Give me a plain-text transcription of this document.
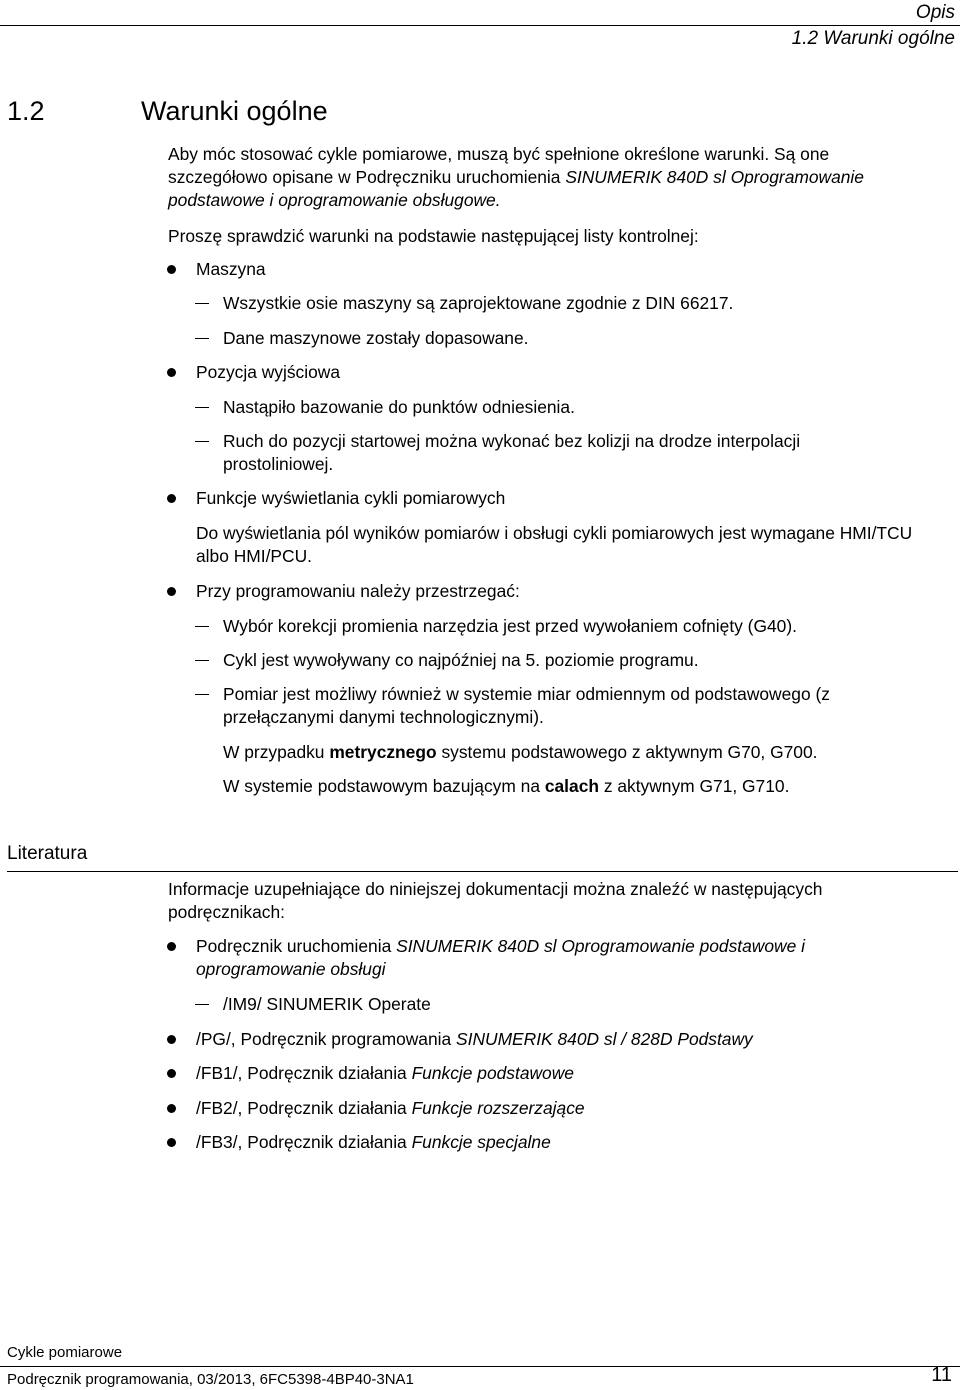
Opis
1.2 Warunki ogólne
1.2	Warunki ogólne

Aby móc stosować cykle pomiarowe, muszą być spełnione określone warunki. Są one

szczegółowo opisane w Podręczniku uruchomienia SINUMERIK 840D sl Oprogramowanie

podstawowe i oprogramowanie obsługowe.

Proszę sprawdzić warunki na podstawie następującej listy kontrolnej:
Maszyna
Wszystkie osie maszyny są zaprojektowane zgodnie z DIN 66217.
Dane maszynowe zostały dopasowane.
Pozycja wyjściowa
Nastąpiło bazowanie do punktów odniesienia.
Ruch do pozycji startowej można wykonać bez kolizji na drodze interpolacji prostoliniowej.
Funkcje wyświetlania cykli pomiarowych
Do wyświetlania pól wyników pomiarów i obsługi cykli pomiarowych jest wymagane HMI/TCU albo HMI/PCU.
Przy programowaniu należy przestrzegać:
Wybór korekcji promienia narzędzia jest przed wywołaniem cofnięty (G40).
Cykl jest wywoływany co najpóźniej na 5. poziomie programu.
Pomiar jest możliwy również w systemie miar odmiennym od podstawowego (z przełączanymi danymi technologicznymi).
W przypadku metrycznego systemu podstawowego z aktywnym G70, G700.
W systemie podstawowym bazującym na calach z aktywnym G71, G710.
Literatura
Informacje uzupełniające do niniejszej dokumentacji można znaleźć w następujących podręcznikach:
Podręcznik uruchomienia SINUMERIK 840D sl Oprogramowanie podstawowe i oprogramowanie obsługi
/IM9/ SINUMERIK Operate
/PG/, Podręcznik programowania SINUMERIK 840D sl / 828D Podstawy
/FB1/, Podręcznik działania Funkcje podstawowe
/FB2/, Podręcznik działania Funkcje rozszerzające
/FB3/, Podręcznik działania Funkcje specjalne
Cykle pomiarowe
Podręcznik programowania, 03/2013, 6FC5398-4BP40-3NA1	11
